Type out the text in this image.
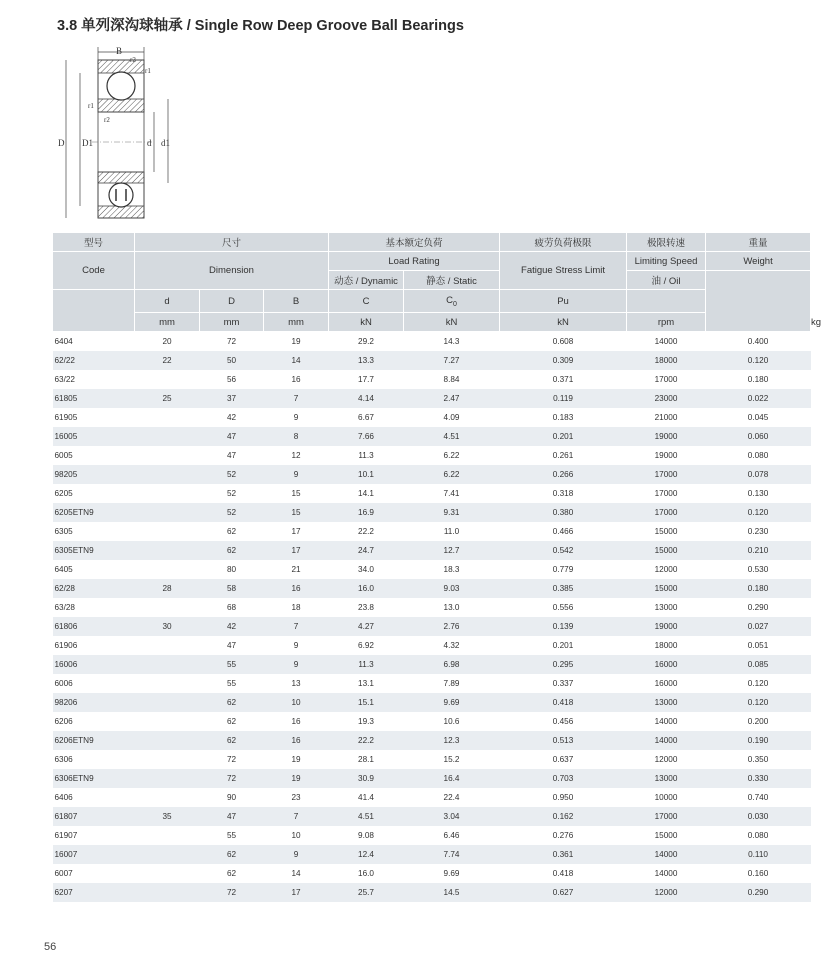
3.8 单列深沟球轴承 / Single Row Deep Groove Ball Bearings
B
r2
r1
r1
r2
D D1	d d1
型号	尺寸			基本额定负荷		疲劳负荷极限	极限转速	重量	
Code	Dimension			Load Rating		Fatigue Stress Limit	Limiting Speed	Weight	
				动态 / Dynamic	静态 / Static		油 / Oil		
	d	D	B	C	$C_0$	Pu			
	mm	mm	mm	kN	kN	kN	rpm		kg
6404	20	72	19	29.2	14.3	0.608	14000	0.400	
62/22	22	50	14	13.3	7.27	0.309	18000	0.120	
63/22		56	16	17.7	8.84	0.371	17000	0.180	
61805	25	37	7	4.14	2.47	0.119	23000	0.022	
61905		42	9	6.67	4.09	0.183	21000	0.045	
16005		47	8	7.66	4.51	0.201	19000	0.060	
6005		47	12	11.3	6.22	0.261	19000	0.080	
98205		52	9	10.1	6.22	0.266	17000	0.078	
6205		52	15	14.1	7.41	0.318	17000	0.130	
6205ETN9		52	15	16.9	9.31	0.380	17000	0.120	
6305		62	17	22.2	11.0	0.466	15000	0.230	
6305ETN9		62	17	24.7	12.7	0.542	15000	0.210	
6405		80	21	34.0	18.3	0.779	12000	0.530	
62/28	28	58	16	16.0	9.03	0.385	15000	0.180	
63/28		68	18	23.8	13.0	0.556	13000	0.290	
61806	30	42	7	4.27	2.76	0.139	19000	0.027	
61906		47	9	6.92	4.32	0.201	18000	0.051	
16006		55	9	11.3	6.98	0.295	16000	0.085	
6006		55	13	13.1	7.89	0.337	16000	0.120	
98206		62	10	15.1	9.69	0.418	13000	0.120	
6206		62	16	19.3	10.6	0.456	14000	0.200	
6206ETN9		62	16	22.2	12.3	0.513	14000	0.190	
6306		72	19	28.1	15.2	0.637	12000	0.350	
6306ETN9		72	19	30.9	16.4	0.703	13000	0.330	
6406		90	23	41.4	22.4	0.950	10000	0.740	
61807	35	47	7	4.51	3.04	0.162	17000	0.030	
61907		55	10	9.08	6.46	0.276	15000	0.080	
16007		62	9	12.4	7.74	0.361	14000	0.110	
6007		62	14	16.0	9.69	0.418	14000	0.160	
6207		72	17	25.7	14.5	0.627	12000	0.290	
56
